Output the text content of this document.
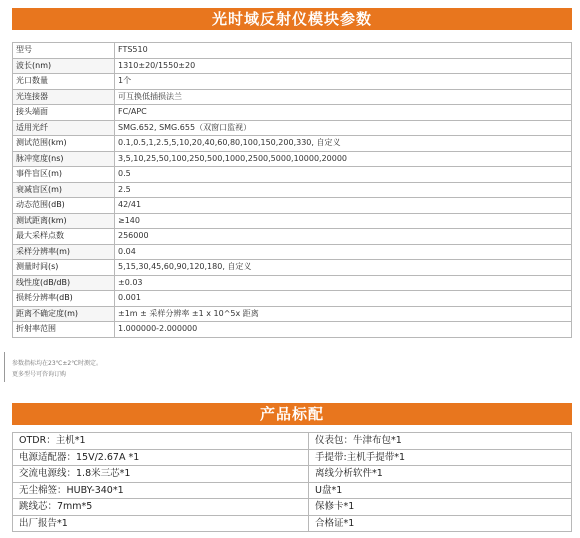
光时域反射仪模块参数
型号	FTS510
波长(nm)	1310±20/1550±20
光口数量	1个
光连接器	可互换低插损法兰
接头端面	FC/APC
适用光纤	SMG.652, SMG.655（双窗口监视）
测试范围(km)	0.1,0.5,1,2.5,5,10,20,40,60,80,100,150,200,330, 自定义
脉冲宽度(ns)	3,5,10,25,50,100,250,500,1000,2500,5000,10000,20000
事件盲区(m)	0.5
衰减盲区(m)	2.5
动态范围(dB)	42/41
测试距离(km)	≥140
最大采样点数	256000
采样分辨率(m)	0.04
测量时间(s)	5,15,30,45,60,90,120,180, 自定义
线性度(dB/dB)	±0.03
损耗分辨率(dB)	0.001
距离不确定度(m)	±1m ± 采样分辨率 ±1 x 10^5x 距离
折射率范围	1.000000-2.000000
参数指标均在23℃±2℃时测定。
更多型号可咨询订购
产品标配
OTDR：主机*1	仪表包：牛津布包*1
电源适配器：15V/2.67A *1	手提带:主机手提带*1
交流电源线：1.8米三芯*1	离线分析软件*1
无尘棉签：HUBY-340*1	U盘*1
跳线芯：7mm*5	保修卡*1
出厂报告*1	合格证*1
